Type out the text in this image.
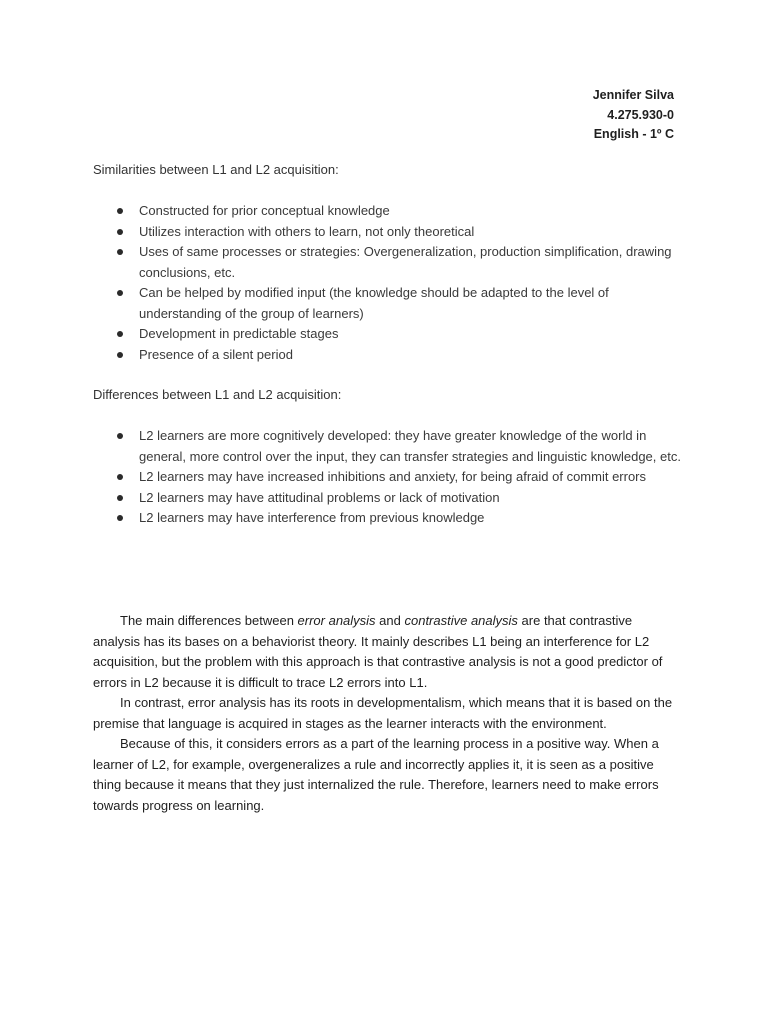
Jennifer Silva
4.275.930-0
English - 1º C
Similarities between L1 and L2 acquisition:
Constructed for prior conceptual knowledge
Utilizes interaction with others to learn, not only theoretical
Uses of same processes or strategies: Overgeneralization, production simplification, drawing conclusions, etc.
Can be helped by modified input (the knowledge should be adapted to the level of understanding of the group of learners)
Development in predictable stages
Presence of a silent period
Differences between L1 and L2 acquisition:
L2 learners are more cognitively developed: they have greater knowledge of the world in general, more control over the input, they can transfer strategies and linguistic knowledge, etc.
L2 learners may have increased inhibitions and anxiety, for being afraid of commit errors
L2 learners may have attitudinal problems or lack of motivation
L2 learners may have interference from previous knowledge

The main differences between error analysis and contrastive analysis are that contrastive analysis has its bases on a behaviorist theory. It mainly describes L1 being an interference for L2 acquisition, but the problem with this approach is that contrastive analysis is not a good predictor of errors in L2 because it is difficult to trace L2 errors into L1.

In contrast, error analysis has its roots in developmentalism, which means that it is based on the premise that language is acquired in stages as the learner interacts with the environment.

Because of this, it considers errors as a part of the learning process in a positive way. When a learner of L2, for example, overgeneralizes a rule and incorrectly applies it, it is seen as a positive thing because it means that they just internalized the rule. Therefore, learners need to make errors towards progress on learning.
